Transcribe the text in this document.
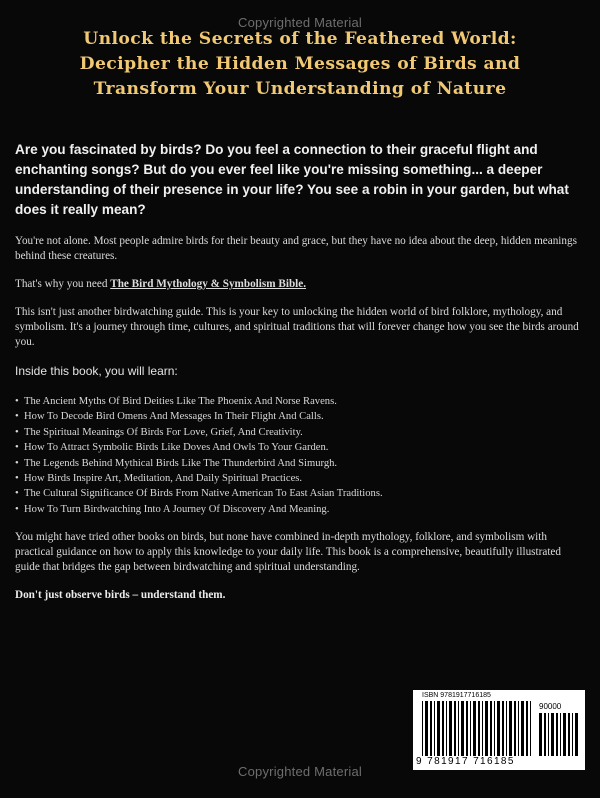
Copyrighted Material
Unlock the Secrets of the Feathered World:
Decipher the Hidden Messages of Birds and
Transform Your Understanding of Nature

Are you fascinated by birds? Do you feel a connection to their graceful flight and enchanting songs? But do you ever feel like you're missing something... a deeper understanding of their presence in your life? You see a robin in your garden, but what does it really mean?

You're not alone. Most people admire birds for their beauty and grace, but they have no idea about the deep, hidden meanings behind these creatures.

That's why you need The Bird Mythology & Symbolism Bible.

This isn't just another birdwatching guide. This is your key to unlocking the hidden world of bird folklore, mythology, and symbolism. It's a journey through time, cultures, and spiritual traditions that will forever change how you see the birds around you.

Inside this book, you will learn:

• The Ancient Myths Of Bird Deities Like The Phoenix And Norse Ravens.
• How To Decode Bird Omens And Messages In Their Flight And Calls.
• The Spiritual Meanings Of Birds For Love, Grief, And Creativity.
• How To Attract Symbolic Birds Like Doves And Owls To Your Garden.
• The Legends Behind Mythical Birds Like The Thunderbird And Simurgh.
• How Birds Inspire Art, Meditation, And Daily Spiritual Practices.
• The Cultural Significance Of Birds From Native American To East Asian Traditions.
• How To Turn Birdwatching Into A Journey Of Discovery And Meaning.

You might have tried other books on birds, but none have combined in-depth mythology, folklore, and symbolism with practical guidance on how to apply this knowledge to your daily life. This book is a comprehensive, beautifully illustrated guide that bridges the gap between birdwatching and spiritual understanding.

Don't just observe birds – understand them.

ISBN 9781917716185
90000
9 781917 716185
Copyrighted Material
